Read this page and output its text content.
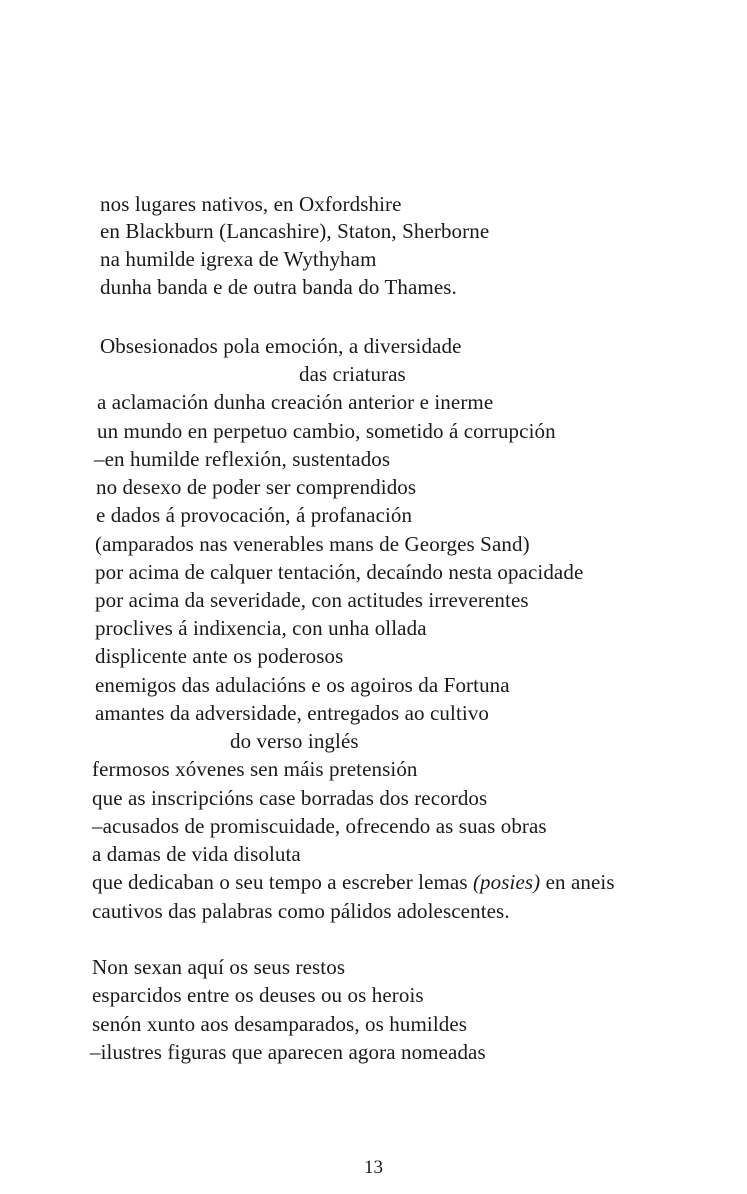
nos lugares nativos, en Oxfordshire
en Blackburn (Lancashire), Staton, Sherborne
na humilde igrexa de Wythyham
dunha banda e de outra banda do Thames.
Obsesionados pola emoción, a diversidade
das criaturas
a aclamación dunha creación anterior e inerme
un mundo en perpetuo cambio, sometido á corrupción
–en humilde reflexión, sustentados
no desexo de poder ser comprendidos
e dados á provocación, á profanación
(amparados nas venerables mans de Georges Sand)
por acima de calquer tentación, decaíndo nesta opacidade
por acima da severidade, con actitudes irreverentes
proclives á indixencia, con unha ollada
displicente ante os poderosos
enemigos das adulacións e os agoiros da Fortuna
amantes da adversidade, entregados ao cultivo
do verso inglés
fermosos xóvenes sen máis pretensión
que as inscripcións case borradas dos recordos
–acusados de promiscuidade, ofrecendo as suas obras
a damas de vida disoluta
que dedicaban o seu tempo a escreber lemas (posies) en aneis
cautivos das palabras como pálidos adolescentes.
Non sexan aquí os seus restos
esparcidos entre os deuses ou os herois
senón xunto aos desamparados, os humildes
–ilustres figuras que aparecen agora nomeadas
13
